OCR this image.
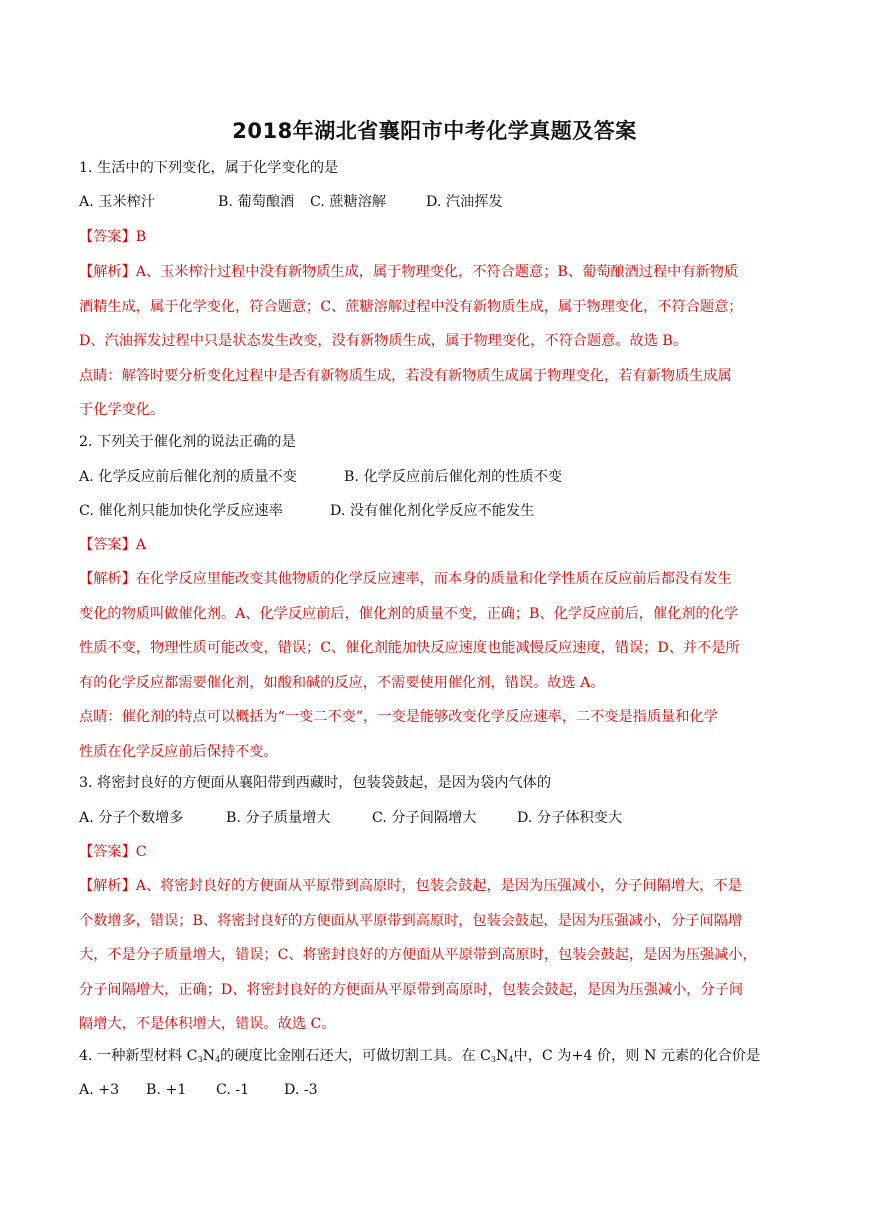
2018年湖北省襄阳市中考化学真题及答案
1. 生活中的下列变化，属于化学变化的是
A. 玉米榨汁	B. 葡萄酿酒 C. 蔗糖溶解	D. 汽油挥发
【答案】B
【解析】A、玉米榨汁过程中没有新物质生成，属于物理变化，不符合题意；B、葡萄酿酒过程中有新物质
酒精生成，属于化学变化，符合题意；C、蔗糖溶解过程中没有新物质生成，属于物理变化，不符合题意；
D、汽油挥发过程中只是状态发生改变，没有新物质生成，属于物理变化，不符合题意。故选 B。
点睛：解答时要分析变化过程中是否有新物质生成，若没有新物质生成属于物理变化，若有新物质生成属
于化学变化。
2. 下列关于催化剂的说法正确的是
A. 化学反应前后催化剂的质量不变	B. 化学反应前后催化剂的性质不变
C. 催化剂只能加快化学反应速率	D. 没有催化剂化学反应不能发生
【答案】A
【解析】在化学反应里能改变其他物质的化学反应速率，而本身的质量和化学性质在反应前后都没有发生
变化的物质叫做催化剂。A、化学反应前后，催化剂的质量不变，正确；B、化学反应前后，催化剂的化学
性质不变，物理性质可能改变，错误；C、催化剂能加快反应速度也能减慢反应速度，错误；D、并不是所
有的化学反应都需要催化剂，如酸和碱的反应，不需要使用催化剂，错误。故选 A。
点睛：催化剂的特点可以概括为“一变二不变”，一变是能够改变化学反应速率，二不变是指质量和化学
性质在化学反应前后保持不变。
3. 将密封良好的方便面从襄阳带到西藏时，包装袋鼓起，是因为袋内气体的
A. 分子个数增多	B. 分子质量增大	C. 分子间隔增大	D. 分子体积变大
【答案】C
【解析】A、将密封良好的方便面从平原带到高原时，包装会鼓起，是因为压强减小，分子间隔增大，不是
个数增多，错误；B、将密封良好的方便面从平原带到高原时，包装会鼓起，是因为压强减小，分子间隔增
大，不是分子质量增大，错误；C、将密封良好的方便面从平原带到高原时，包装会鼓起，是因为压强减小，
分子间隔增大，正确；D、将密封良好的方便面从平原带到高原时，包装会鼓起，是因为压强减小，分子间
隔增大，不是体积增大，错误。故选 C。
4. 一种新型材料 $C_3N_4$的硬度比金刚石还大，可做切割工具。在 $C_3N_4$中，C 为+4 价，则 N 元素的化合价是
A. +3 B. +1 C. -1 D. -3
